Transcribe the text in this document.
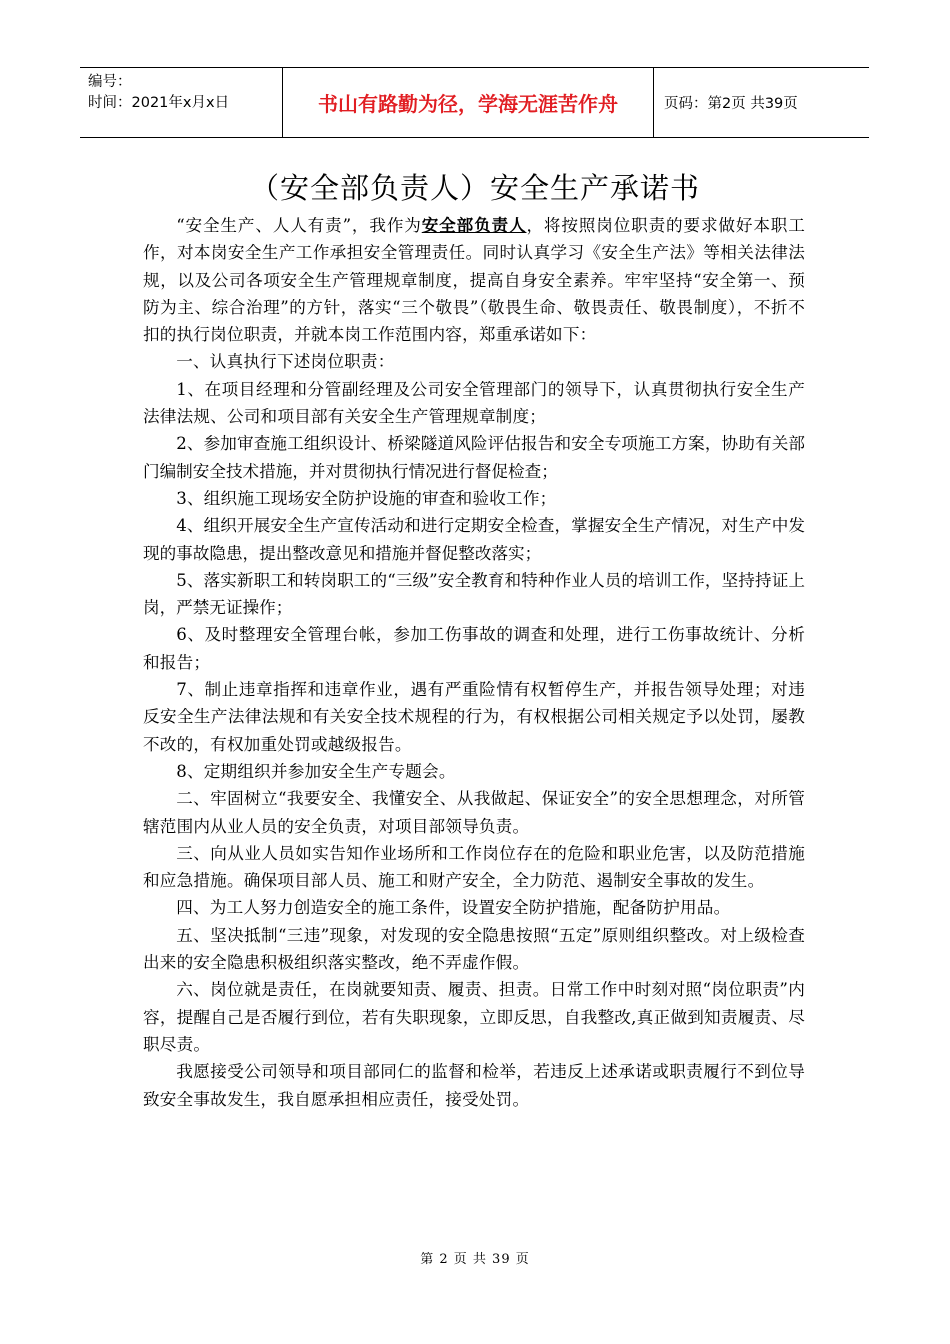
编号：
时间：2021年x月x日	书山有路勤为径，学海无涯苦作舟	页码：第2页 共39页
（安全部负责人）安全生产承诺书

“安全生产、人人有责”，我作为安全部负责人，将按照岗位职责的要求做好本职工作，对本岗安全生产工作承担安全管理责任。同时认真学习《安全生产法》等相关法律法规，以及公司各项安全生产管理规章制度，提高自身安全素养。牢牢坚持“安全第一、预防为主、综合治理”的方针，落实“三个敬畏”（敬畏生命、敬畏责任、敬畏制度），不折不扣的执行岗位职责，并就本岗工作范围内容，郑重承诺如下：

一、认真执行下述岗位职责：

1、在项目经理和分管副经理及公司安全管理部门的领导下，认真贯彻执行安全生产法律法规、公司和项目部有关安全生产管理规章制度；

2、参加审查施工组织设计、桥梁隧道风险评估报告和安全专项施工方案，协助有关部门编制安全技术措施，并对贯彻执行情况进行督促检查；

3、组织施工现场安全防护设施的审查和验收工作；

4、组织开展安全生产宣传活动和进行定期安全检查，掌握安全生产情况，对生产中发现的事故隐患，提出整改意见和措施并督促整改落实；

5、落实新职工和转岗职工的“三级”安全教育和特种作业人员的培训工作，坚持持证上岗，严禁无证操作；

6、及时整理安全管理台帐，参加工伤事故的调查和处理，进行工伤事故统计、分析和报告；

7、制止违章指挥和违章作业，遇有严重险情有权暂停生产，并报告领导处理；对违反安全生产法律法规和有关安全技术规程的行为，有权根据公司相关规定予以处罚，屡教不改的，有权加重处罚或越级报告。

8、定期组织并参加安全生产专题会。

二、牢固树立“我要安全、我懂安全、从我做起、保证安全”的安全思想理念，对所管辖范围内从业人员的安全负责，对项目部领导负责。

三、向从业人员如实告知作业场所和工作岗位存在的危险和职业危害，以及防范措施和应急措施。确保项目部人员、施工和财产安全，全力防范、遏制安全事故的发生。

四、为工人努力创造安全的施工条件，设置安全防护措施，配备防护用品。

五、坚决抵制“三违”现象，对发现的安全隐患按照“五定”原则组织整改。对上级检查出来的安全隐患积极组织落实整改，绝不弄虚作假。

六、岗位就是责任，在岗就要知责、履责、担责。日常工作中时刻对照“岗位职责”内容，提醒自己是否履行到位，若有失职现象，立即反思，自我整改,真正做到知责履责、尽职尽责。

我愿接受公司领导和项目部同仁的监督和检举，若违反上述承诺或职责履行不到位导致安全事故发生，我自愿承担相应责任，接受处罚。

第 2 页 共 39 页
